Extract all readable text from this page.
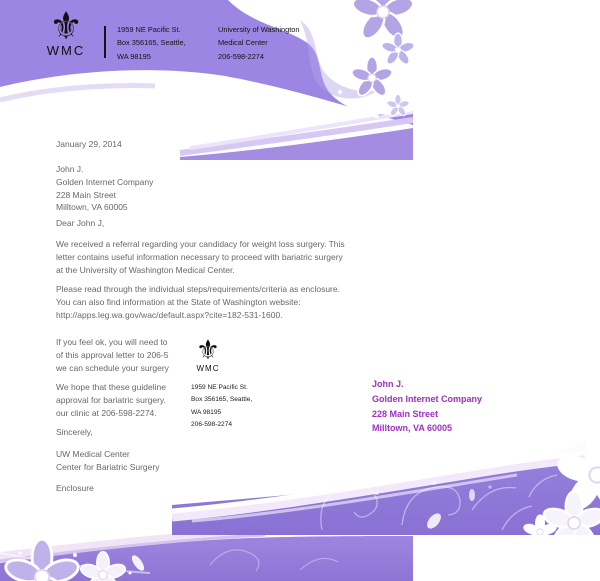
⚜
WMC
1959 NE Pacific St.
Box 356165, Seattle,
WA 98195
University of Washington
Medical Center
206-598-2274
January 29, 2014
John J.
Golden Internet Company
228 Main Street
Milltown, VA 60005
Dear John J,
We received a referral regarding your candidacy for weight loss surgery. This
letter contains useful information necessary to proceed with bariatric surgery
at the University of Washington Medical Center.
Please read through the individual steps/requirements/criteria as enclosure.
You can also find information at the State of Washington website:
http://apps.leg.wa.gov/wac/default.aspx?cite=182-531-1600.
If you feel ok, you will need to
of this approval letter to 206-5
we can schedule your surgery
We hope that these guideline
approval for bariatric surgery.
our clinic at 206-598-2274.
Sincerely,
UW Medical Center
Center for Bariatric Surgery
Enclosure
⚜
WMC
1959 NE Pacific St.
Box 356165, Seattle,
WA 98195
206-598-2274
John J.
Golden Internet Company
228 Main Street
Milltown, VA 60005
